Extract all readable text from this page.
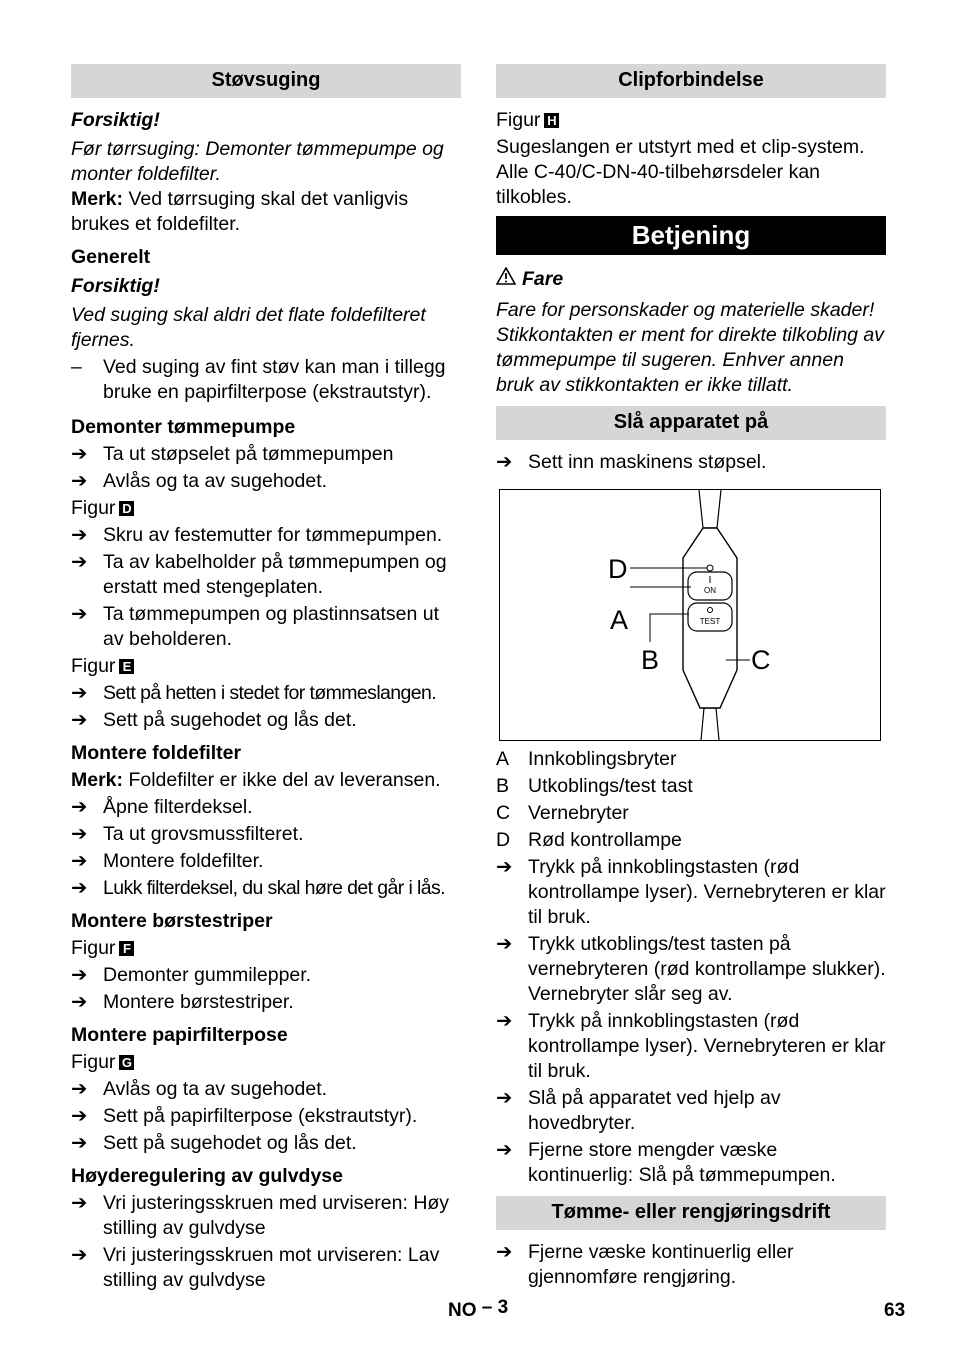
Støvsuging

Forsiktig!

Før tørrsuging: Demonter tømmepumpe og monter foldefilter.

Merk: Ved tørrsuging skal det vanligvis brukes et foldefilter.

Generelt

Forsiktig!

Ved suging skal aldri det flate foldefilteret fjernes.

–	Ved suging av fint støv kan man i tillegg bruke en papirfilterpose (ekstrautstyr).
Demonter tømmepumpe
➔ Ta ut støpselet på tømmepumpen
➔ Avlås og ta av sugehodet.
Figur D
➔ Skru av festemutter for tømmepumpen.
➔ Ta av kabelholder på tømmepumpen og erstatt med stengeplaten.
➔ Ta tømmepumpen og plastinnsatsen ut av beholderen.
Figur E
➔ Sett på hetten i stedet for tømmeslangen.
➔ Sett på sugehodet og lås det.
Montere foldefilter

Merk: Foldefilter er ikke del av leveransen.

➔ Åpne filterdeksel.
➔ Ta ut grovsmussfilteret.
➔ Montere foldefilter.
➔ Lukk filterdeksel, du skal høre det går i lås.
Montere børstestriper
Figur F
➔ Demonter gummilepper.
➔ Montere børstestriper.
Montere papirfilterpose
Figur G
➔ Avlås og ta av sugehodet.
➔ Sett på papirfilterpose (ekstrautstyr).
➔ Sett på sugehodet og lås det.
Høyderegulering av gulvdyse
➔ Vri justeringsskruen med urviseren: Høy stilling av gulvdyse
➔ Vri justeringsskruen mot urviseren: Lav stilling av gulvdyse
Clipforbindelse
Figur H

Sugeslangen er utstyrt med et clip-system. Alle C-40/C-DN-40-tilbehørsdeler kan tilkobles.

Betjening

Fare

Fare for personskader og materielle skader! Stikkontakten er ment for direkte tilkobling av tømmepumpe til sugeren. Enhver annen bruk av stikkontakten er ikke tillatt.

Slå apparatet på
➔ Sett inn maskinens støpsel.
ON
TEST
D
A
B	C
A Innkoblingsbryter
B Utkoblings/test tast
C Vernebryter
D Rød kontrollampe
➔ Trykk på innkoblingstasten (rød kontrollampe lyser). Vernebryteren er klar til bruk.
➔ Trykk utkoblings/test tasten på vernebryteren (rød kontrollampe slukker). Vernebryter slår seg av.
➔ Trykk på innkoblingstasten (rød kontrollampe lyser). Vernebryteren er klar til bruk.
➔ Slå på apparatet ved hjelp av hovedbryter.
➔ Fjerne store mengder væske kontinuerlig: Slå på tømmepumpen.
Tømme- eller rengjøringsdrift
➔ Fjerne væske kontinuerlig eller gjennomføre rengjøring.
NO – 3	63
